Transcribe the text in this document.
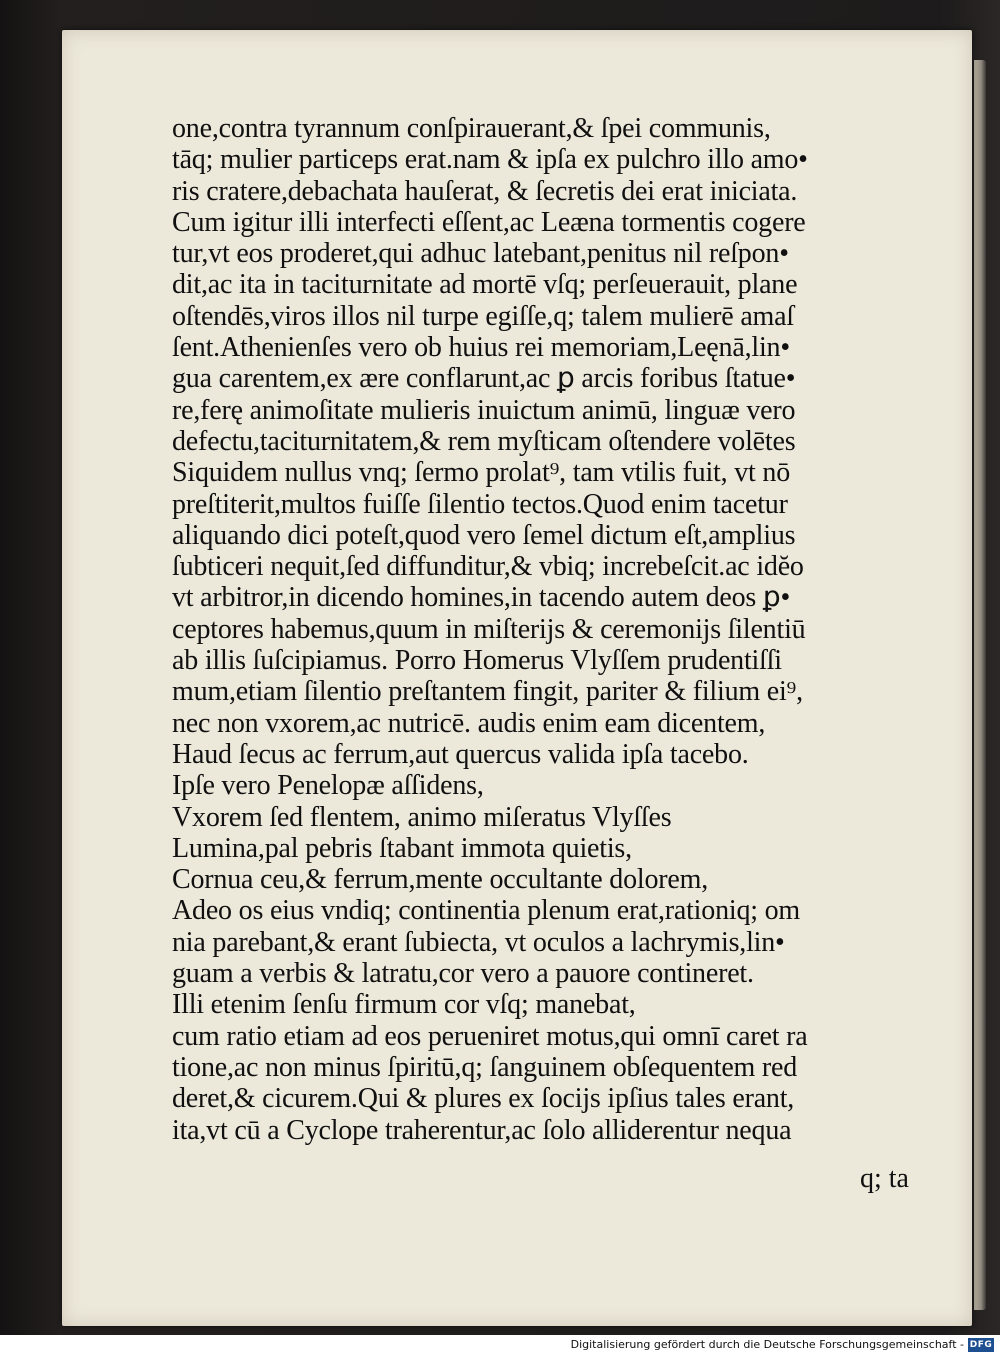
one,contra tyrannum conſpirauerant,& ſpei communis,
tāq; mulier particeps erat.nam & ipſa ex pulchro illo amo•
ris cratere,debachata hauſerat, & ſecretis dei erat iniciata.
Cum igitur illi interfecti eſſent,ac Leæna tormentis cogere
tur,vt eos proderet,qui adhuc latebant,penitus nil reſpon•
dit,ac ita in taciturnitate ad mortē vſq; perſeuerauit, plane
oſtendēs,viros illos nil turpe egiſſe,q; talem mulierē amaſ
ſent.Athenienſes vero ob huius rei memoriam,Leęnā,lin•
gua carentem,ex ære conflarunt,ac ꝑ arcis foribus ſtatue•
re,ferę animoſitate mulieris inuictum animū, linguæ vero
defectu,taciturnitatem,& rem myſticam oſtendere volētes
Siquidem nullus vnq; ſermo prolat⁹, tam vtilis fuit, vt nō
preſtiterit,multos fuiſſe ſilentio tectos.Quod enim tacetur
aliquando dici poteſt,quod vero ſemel dictum eſt,amplius
ſubticeri nequit,ſed diffunditur,& vbiq; increbeſcit.ac idĕo
vt arbitror,in dicendo homines,in tacendo autem deos ꝑ•
ceptores habemus,quum in miſterijs & ceremonijs ſilentiū
ab illis ſuſcipiamus. Porro Homerus Vlyſſem prudentiſſi
mum,etiam ſilentio preſtantem fingit, pariter & filium ei⁹,
nec non vxorem,ac nutricē. audis enim eam dicentem,
Haud ſecus ac ferrum,aut quercus valida ipſa tacebo.
Ipſe vero Penelopæ aſſidens,
Vxorem ſed flentem, animo miſeratus Vlyſſes
Lumina,pal pebris ſtabant immota quietis,
Cornua ceu,& ferrum,mente occultante dolorem,
Adeo os eius vndiq; continentia plenum erat,rationiq; om
nia parebant,& erant ſubiecta, vt oculos a lachrymis,lin•
guam a verbis & latratu,cor vero a pauore contineret.
Illi etenim ſenſu firmum cor vſq; manebat,
cum ratio etiam ad eos perueniret motus,qui omnī caret ra
tione,ac non minus ſpiritū,q; ſanguinem obſequentem red
deret,& cicurem.Qui & plures ex ſocijs ipſius tales erant,
ita,vt cū a Cyclope traherentur,ac ſolo alliderentur nequa
q; ta
Digitalisierung gefördert durch die Deutsche Forschungsgemeinschaft - DFG
